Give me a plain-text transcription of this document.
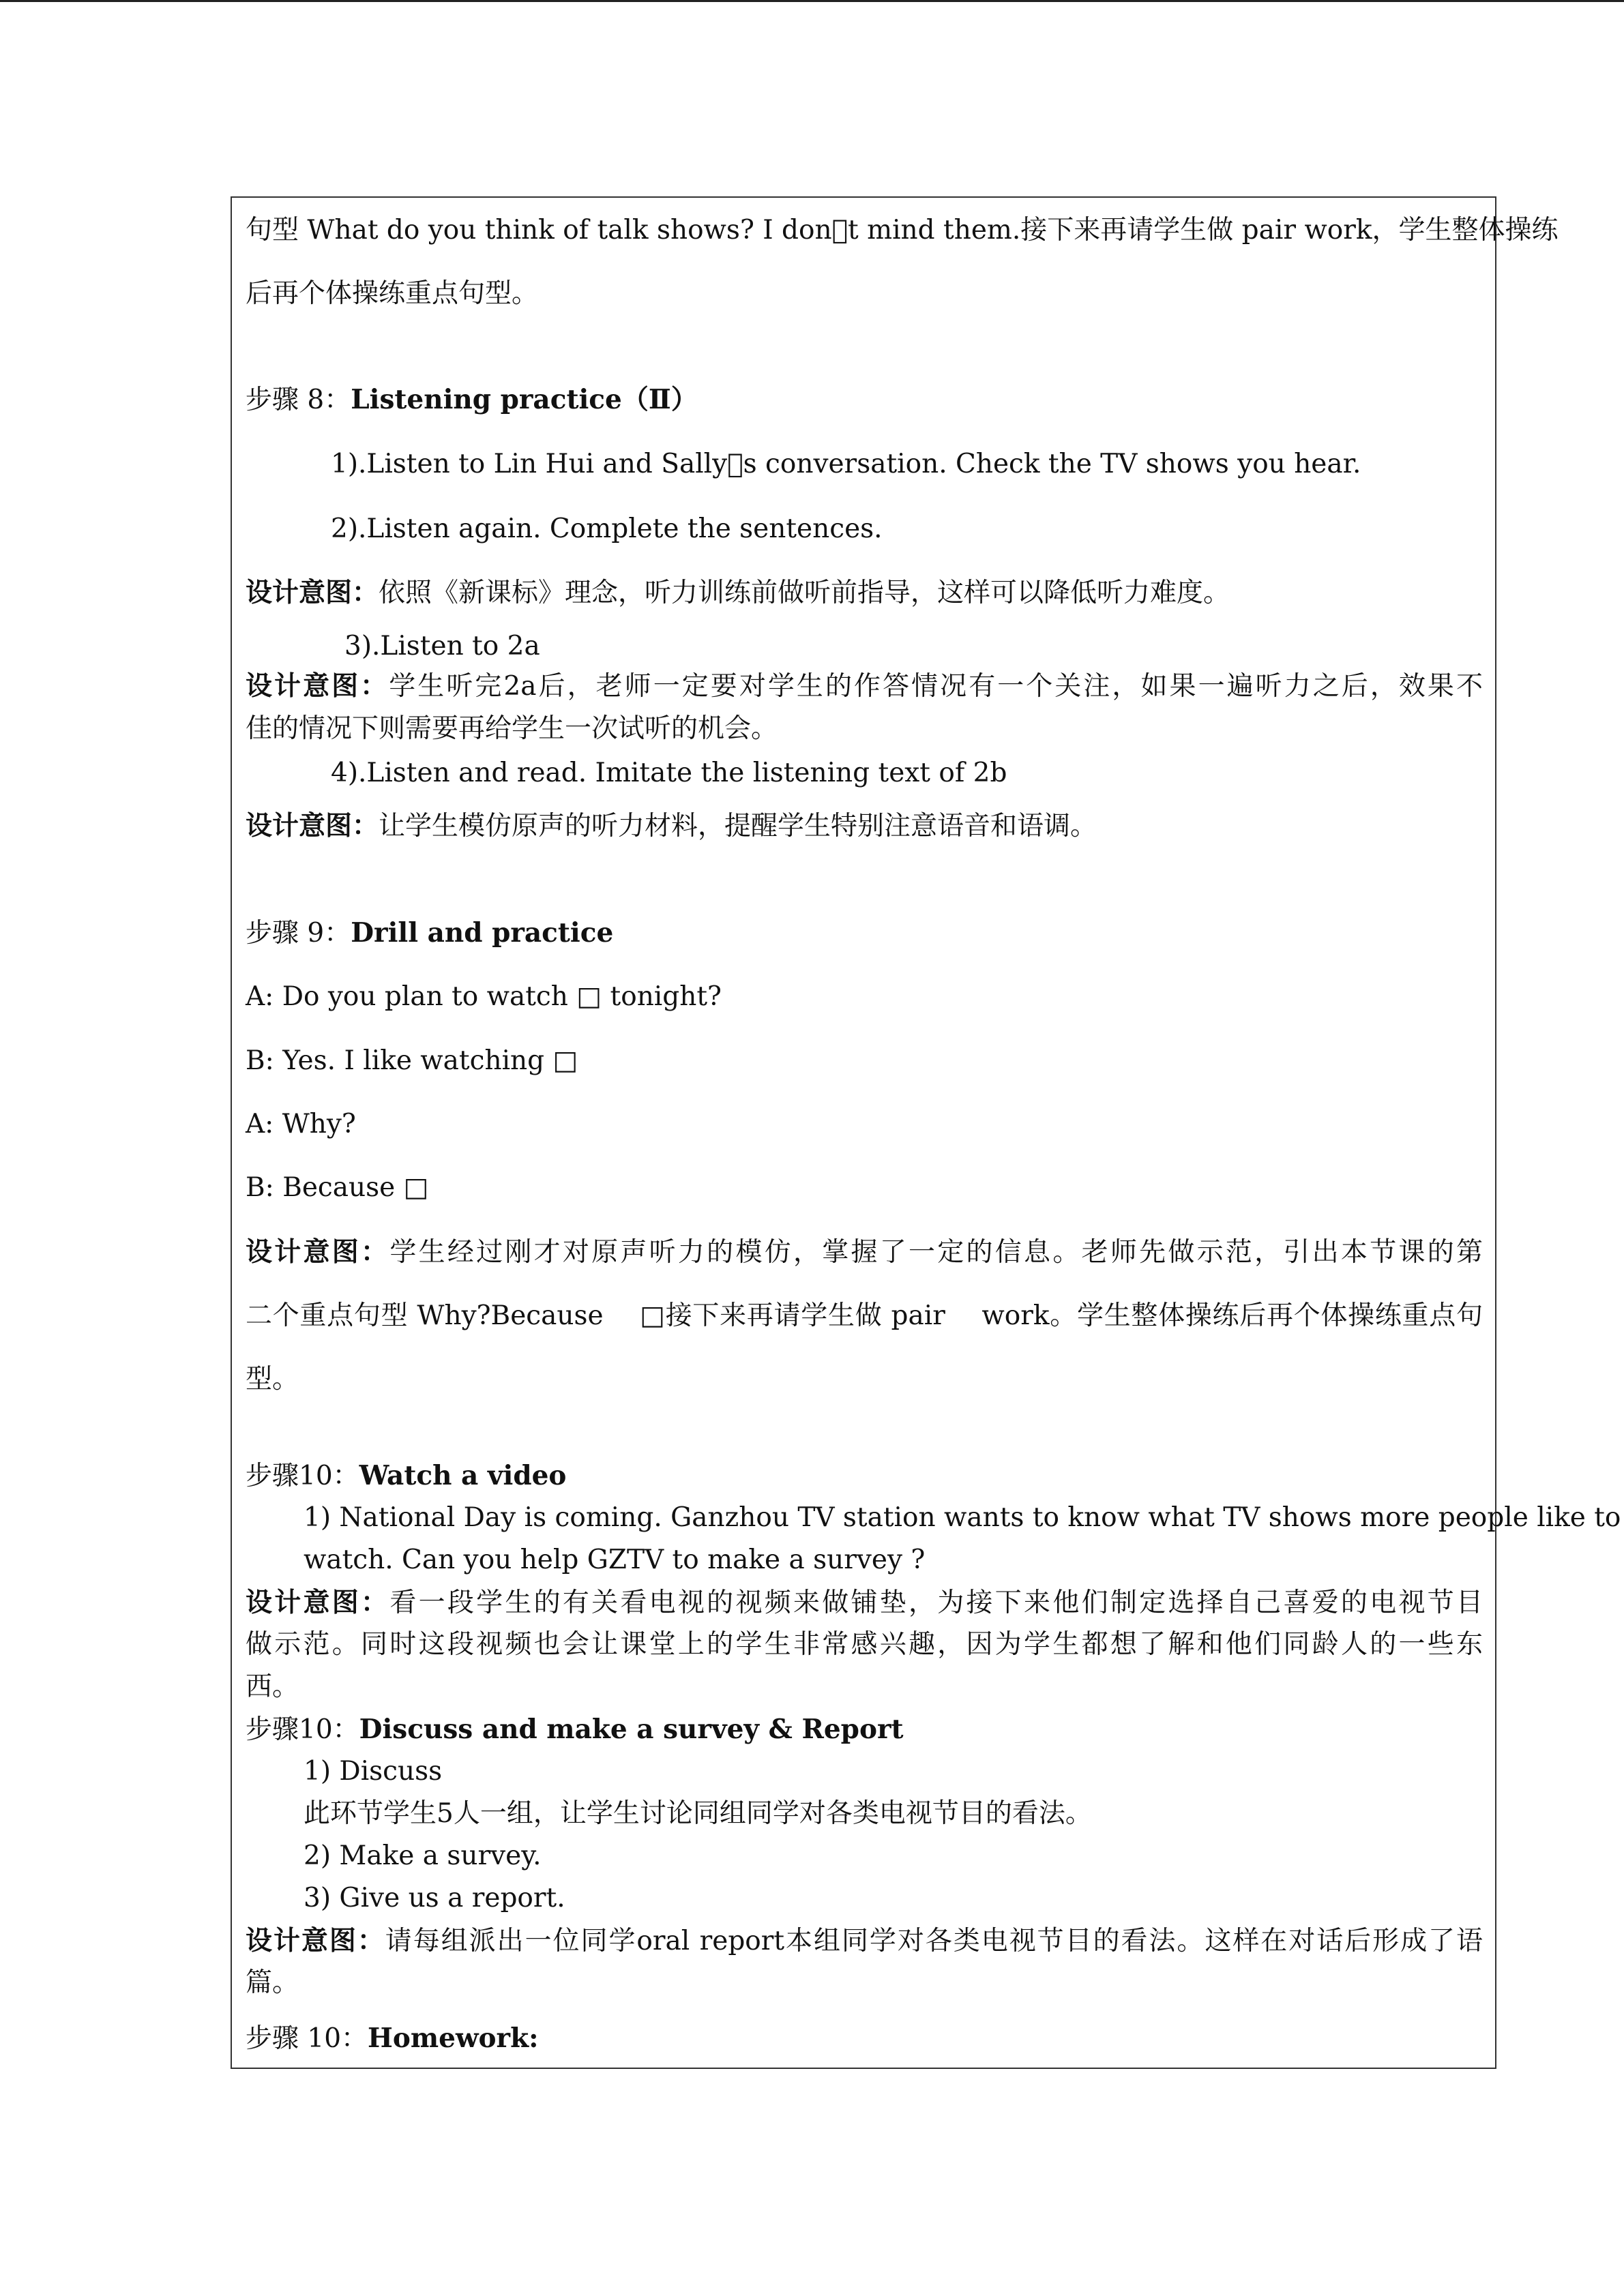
句型 What do you think of talk shows? I don t mind them.接下来再请学生做 pair work，学生整体操练
后再个体操练重点句型。
步骤 8：Listening practice（Ⅱ）
1).Listen to Lin Hui and Sally s conversation. Check the TV shows you hear.
2).Listen again. Complete the sentences.
设计意图：依照《新课标》理念，听力训练前做听前指导，这样可以降低听力难度。
3).Listen to 2a
设计意图：学生听完2a后，老师一定要对学生的作答情况有一个关注，如果一遍听力之后，效果不
佳的情况下则需要再给学生一次试听的机会。
4).Listen and read. Imitate the listening text of 2b
设计意图：让学生模仿原声的听力材料，提醒学生特别注意语音和语调。
步骤 9：Drill and practice
A: Do you plan to watch □ tonight?
B: Yes. I like watching □
A: Why?
B: Because □
设计意图：学生经过刚才对原声听力的模仿，掌握了一定的信息。老师先做示范，引出本节课的第
二个重点句型 Why?Because　 □接下来再请学生做 pair　 work。学生整体操练后再个体操练重点句
型。
步骤10：Watch a video
1) National Day is coming. Ganzhou TV station wants to know what TV shows more people like to
watch. Can you help GZTV to make a survey ?
设计意图：看一段学生的有关看电视的视频来做铺垫，为接下来他们制定选择自己喜爱的电视节目
做示范。同时这段视频也会让课堂上的学生非常感兴趣，因为学生都想了解和他们同龄人的一些东
西。
步骤10：Discuss and make a survey & Report
1) Discuss
此环节学生5人一组，让学生讨论同组同学对各类电视节目的看法。
2) Make a survey.
3) Give us a report.
设计意图：请每组派出一位同学oral report本组同学对各类电视节目的看法。这样在对话后形成了语
篇。
步骤 10：Homework:
